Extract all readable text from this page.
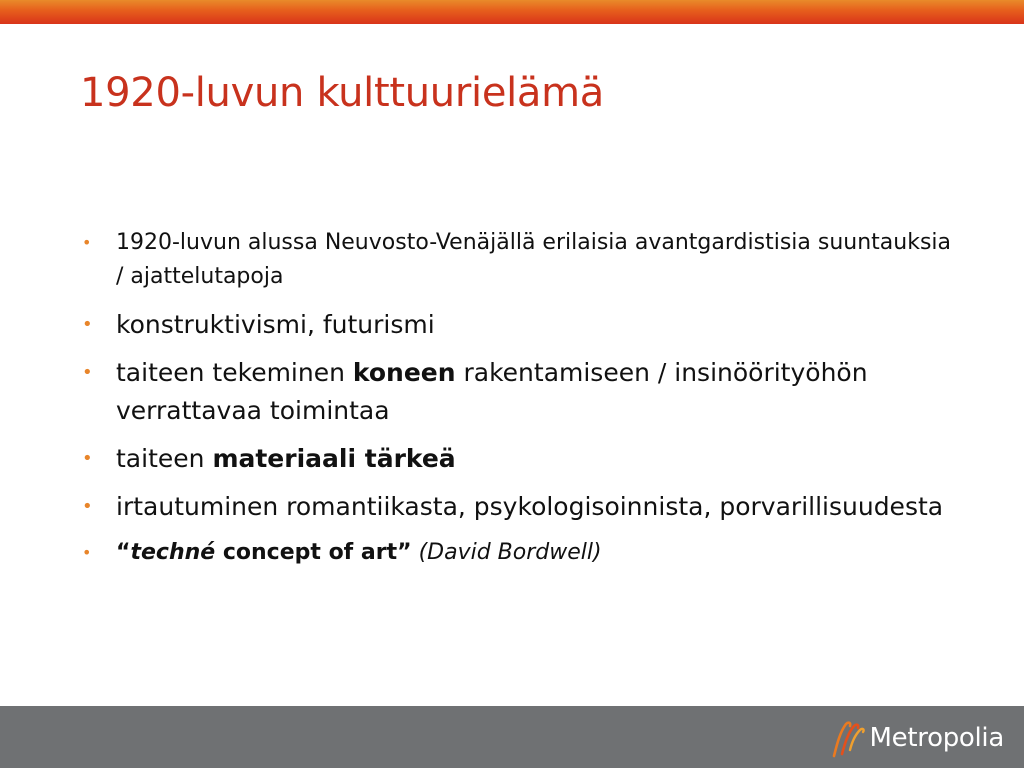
1920-luvun kulttuurielämä
• 1920-luvun alussa Neuvosto-Venäjällä erilaisia avantgardistisia suuntauksia / ajattelutapoja
• konstruktivismi, futurismi
• taiteen tekeminen koneen rakentamiseen / insinöörityöhön verrattavaa toimintaa
• taiteen materiaali tärkeä
• irtautuminen romantiikasta, psykologisoinnista, porvarillisuudesta
• “techné concept of art” (David Bordwell)
Metropolia
